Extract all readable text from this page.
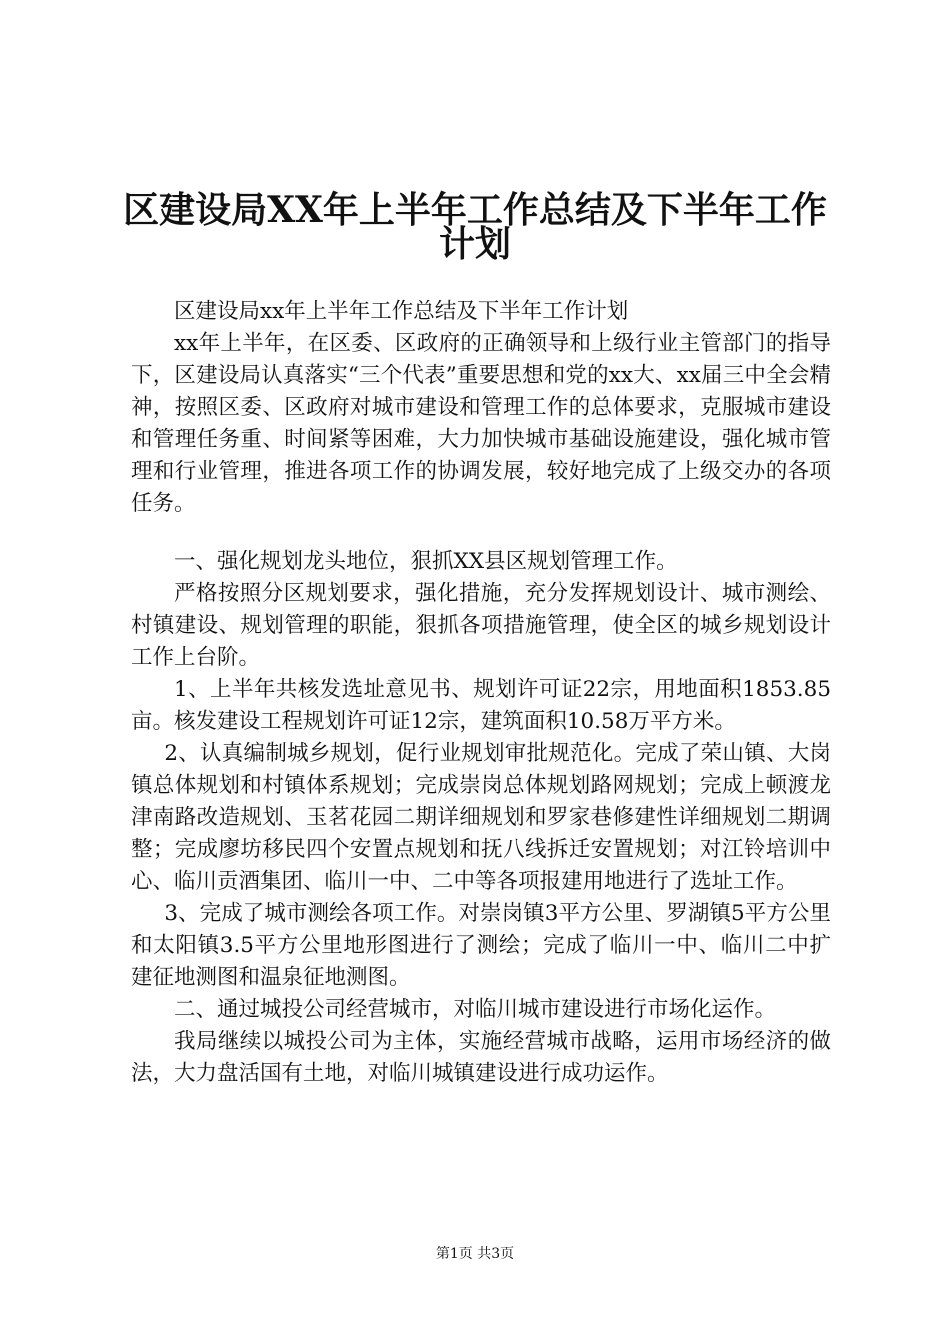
区建设局XX年上半年工作总结及下半年工作
计划

区建设局xx年上半年工作总结及下半年工作计划

xx年上半年，在区委、区政府的正确领导和上级行业主管部门的指导下，区建设局认真落实“三个代表”重要思想和党的xx大、xx届三中全会精神，按照区委、区政府对城市建设和管理工作的总体要求，克服城市建设和管理任务重、时间紧等困难，大力加快城市基础设施建设，强化城市管理和行业管理，推进各项工作的协调发展，较好地完成了上级交办的各项任务。

一、强化规划龙头地位，狠抓XX县区规划管理工作。

严格按照分区规划要求，强化措施，充分发挥规划设计、城市测绘、村镇建设、规划管理的职能，狠抓各项措施管理，使全区的城乡规划设计工作上台阶。

1、上半年共核发选址意见书、规划许可证22宗，用地面积1853.85亩。核发建设工程规划许可证12宗，建筑面积10.58万平方米。

2、认真编制城乡规划，促行业规划审批规范化。完成了荣山镇、大岗镇总体规划和村镇体系规划；完成崇岗总体规划路网规划；完成上顿渡龙津南路改造规划、玉茗花园二期详细规划和罗家巷修建性详细规划二期调整；完成廖坊移民四个安置点规划和抚八线拆迁安置规划；对江铃培训中心、临川贡酒集团、临川一中、二中等各项报建用地进行了选址工作。

3、完成了城市测绘各项工作。对崇岗镇3平方公里、罗湖镇5平方公里和太阳镇3.5平方公里地形图进行了测绘；完成了临川一中、临川二中扩建征地测图和温泉征地测图。

二、通过城投公司经营城市，对临川城市建设进行市场化运作。

我局继续以城投公司为主体，实施经营城市战略，运用市场经济的做法，大力盘活国有土地，对临川城镇建设进行成功运作。

第1页 共3页
